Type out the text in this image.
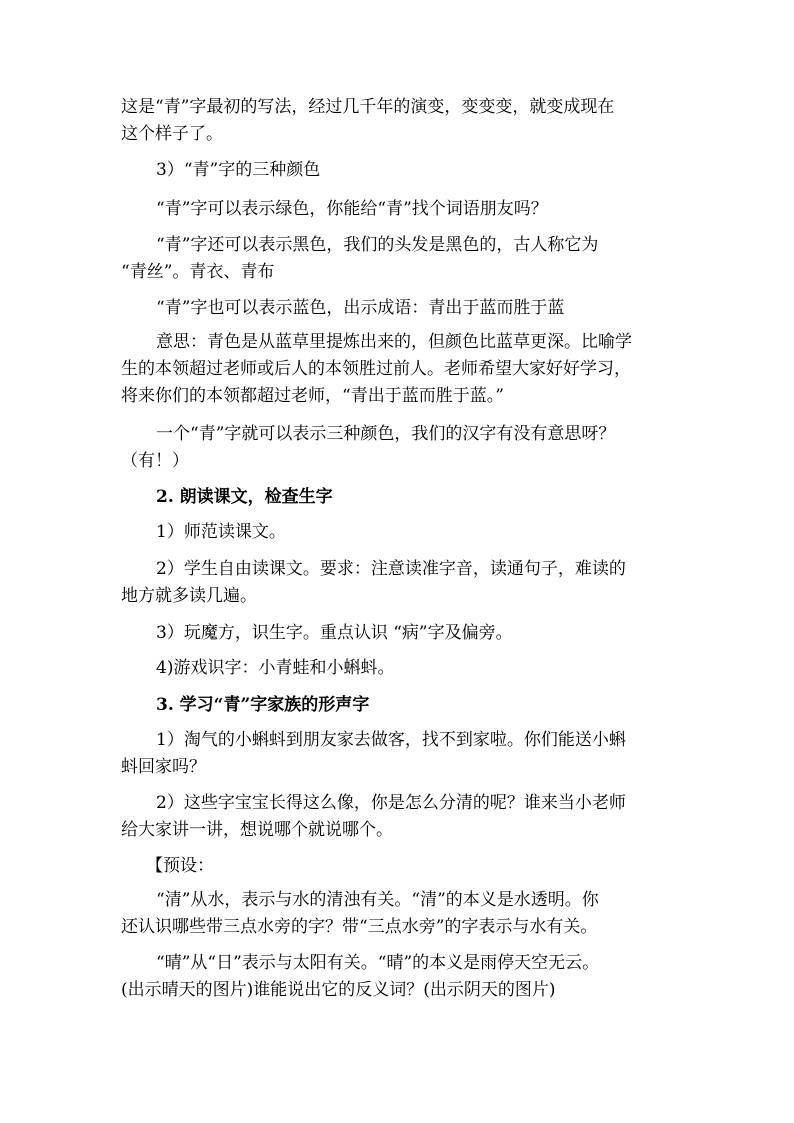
这是“青”字最初的写法，经过几千年的演变，变变变，就变成现在
这个样子了。

3）“青”字的三种颜色

“青”字可以表示绿色，你能给“青”找个词语朋友吗？

“青”字还可以表示黑色，我们的头发是黑色的，古人称它为
“青丝”。青衣、青布

“青”字也可以表示蓝色，出示成语：青出于蓝而胜于蓝

意思：青色是从蓝草里提炼出来的，但颜色比蓝草更深。比喻学
生的本领超过老师或后人的本领胜过前人。老师希望大家好好学习，
将来你们的本领都超过老师，“青出于蓝而胜于蓝。”

一个“青”字就可以表示三种颜色，我们的汉字有没有意思呀？
（有！）

2. 朗读课文，检查生字

1）师范读课文。

2）学生自由读课文。要求：注意读准字音，读通句子，难读的
地方就多读几遍。

3）玩魔方，识生字。重点认识 “病”字及偏旁。

4)游戏识字：小青蛙和小蝌蚪。

3. 学习“青”字家族的形声字

1）淘气的小蝌蚪到朋友家去做客，找不到家啦。你们能送小蝌
蚪回家吗？

2）这些字宝宝长得这么像，你是怎么分清的呢？谁来当小老师
给大家讲一讲，想说哪个就说哪个。

【预设：

“清”从水，表示与水的清浊有关。“清”的本义是水透明。你
还认识哪些带三点水旁的字？带“三点水旁”的字表示与水有关。

“晴”从“日”表示与太阳有关。“晴”的本义是雨停天空无云。
(出示晴天的图片)谁能说出它的反义词？(出示阴天的图片)
